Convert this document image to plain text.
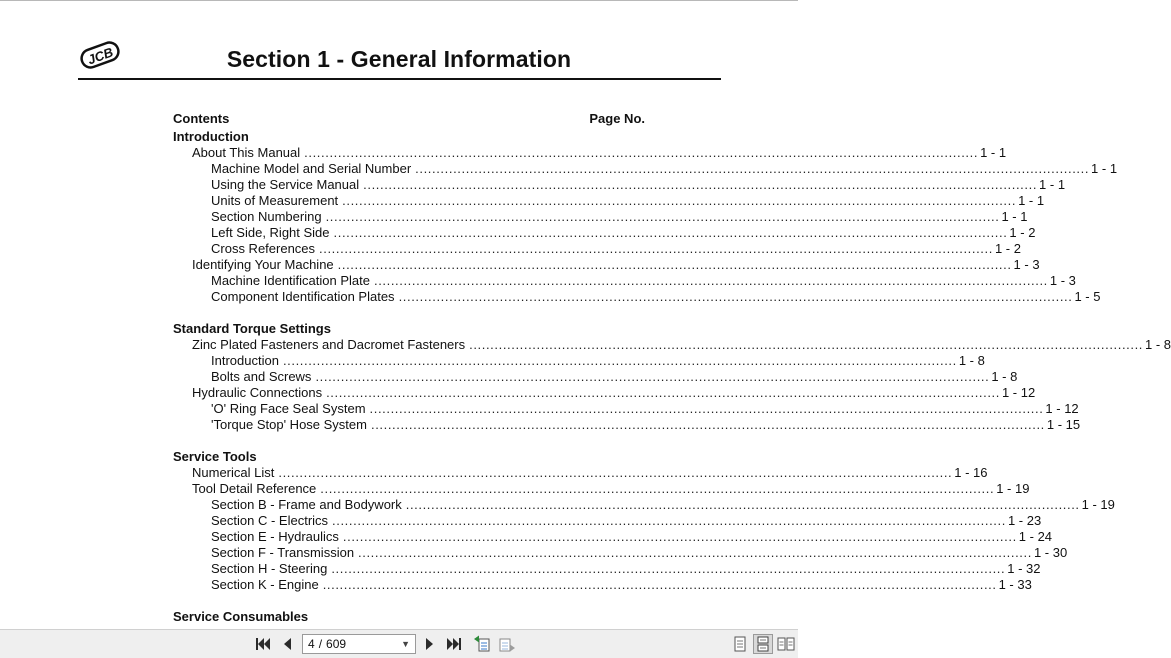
JCB	Section 1 - General Information
Contents	Page No.
Introduction
About This Manual ................................................................................................................................................................ 1 - 1
Machine Model and Serial Number ................................................................................................................................................................ 1 - 1
Using the Service Manual ................................................................................................................................................................ 1 - 1
Units of Measurement ................................................................................................................................................................ 1 - 1
Section Numbering ................................................................................................................................................................ 1 - 1
Left Side, Right Side ................................................................................................................................................................ 1 - 2
Cross References ................................................................................................................................................................ 1 - 2
Identifying Your Machine ................................................................................................................................................................ 1 - 3
Machine Identification Plate ................................................................................................................................................................ 1 - 3
Component Identification Plates ................................................................................................................................................................ 1 - 5
Standard Torque Settings
Zinc Plated Fasteners and Dacromet Fasteners ................................................................................................................................................................ 1 - 8
Introduction ................................................................................................................................................................ 1 - 8
Bolts and Screws ................................................................................................................................................................ 1 - 8
Hydraulic Connections ................................................................................................................................................................ 1 - 12
'O' Ring Face Seal System ................................................................................................................................................................ 1 - 12
'Torque Stop' Hose System ................................................................................................................................................................ 1 - 15
Service Tools
Numerical List ................................................................................................................................................................ 1 - 16
Tool Detail Reference ................................................................................................................................................................ 1 - 19
Section B - Frame and Bodywork ................................................................................................................................................................ 1 - 19
Section C - Electrics ................................................................................................................................................................ 1 - 23
Section E - Hydraulics ................................................................................................................................................................ 1 - 24
Section F - Transmission ................................................................................................................................................................ 1 - 30
Section H - Steering ................................................................................................................................................................ 1 - 32
Section K - Engine ................................................................................................................................................................ 1 - 33
Service Consumables
4 / 609	▼
